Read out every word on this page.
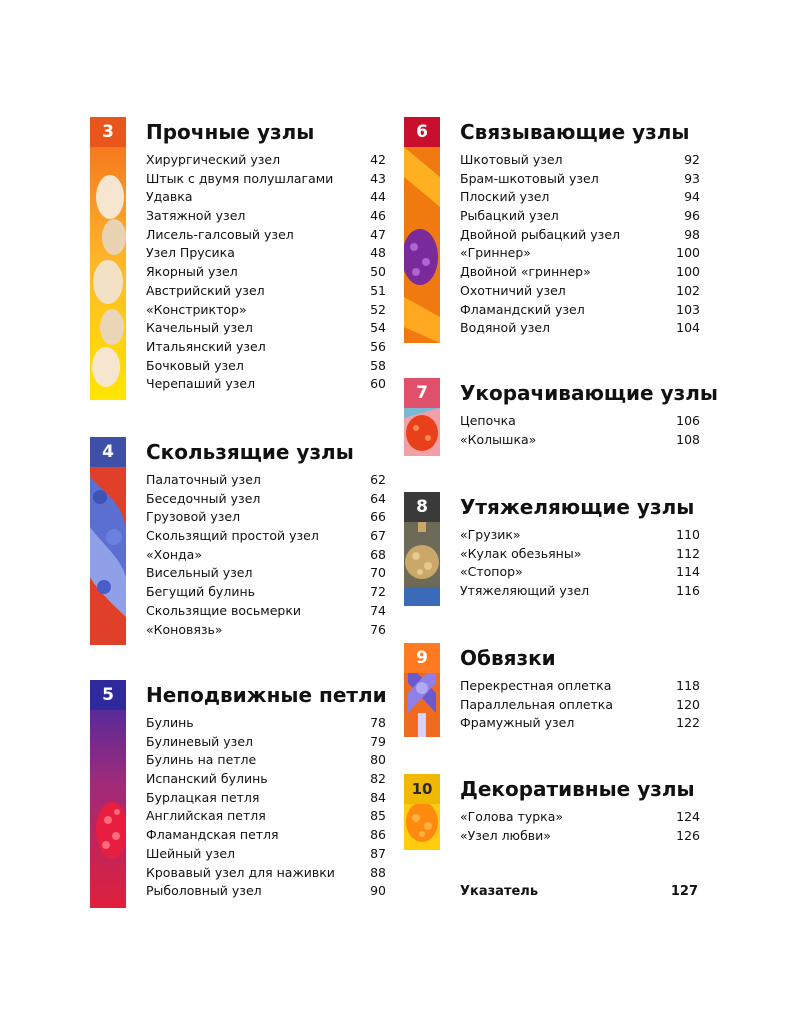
3	Прочные узлы
Хирургический узел	42
Штык с двумя полушлагами	43
Удавка	44
Затяжной узел	46
Лисель-галсовый узел	47
Узел Прусика	48
Якорный узел	50
Австрийский узел	51
«Констриктор»	52
Качельный узел	54
Итальянский узел	56
Бочковый узел	58
Черепаший узел	60
4	Скользящие узлы
Палаточный узел	62
Беседочный узел	64
Грузовой узел	66
Скользящий простой узел	67
«Хонда»	68
Висельный узел	70
Бегущий булинь	72
Скользящие восьмерки	74
«Коновязь»	76
5	Неподвижные петли
Булинь	78
Булиневый узел	79
Булинь на петле	80
Испанский булинь	82
Бурлацкая петля	84
Английская петля	85
Фламандская петля	86
Шейный узел	87
Кровавый узел для наживки	88
Рыболовный узел	90
6	Связывающие узлы
Шкотовый узел	92
Брам-шкотовый узел	93
Плоский узел	94
Рыбацкий узел	96
Двойной рыбацкий узел	98
«Гриннер»	100
Двойной «гриннер»	100
Охотничий узел	102
Фламандский узел	103
Водяной узел	104
7	Укорачивающие узлы
Цепочка	106
«Колышка»	108
8	Утяжеляющие узлы
«Грузик»	110
«Кулак обезьяны»	112
«Стопор»	114
Утяжеляющий узел	116
9	Обвязки
Перекрестная оплетка	118
Параллельная оплетка	120
Фрамужный узел	122
10	Декоративные узлы
«Голова турка»	124
«Узел любви»	126
Указатель	127
